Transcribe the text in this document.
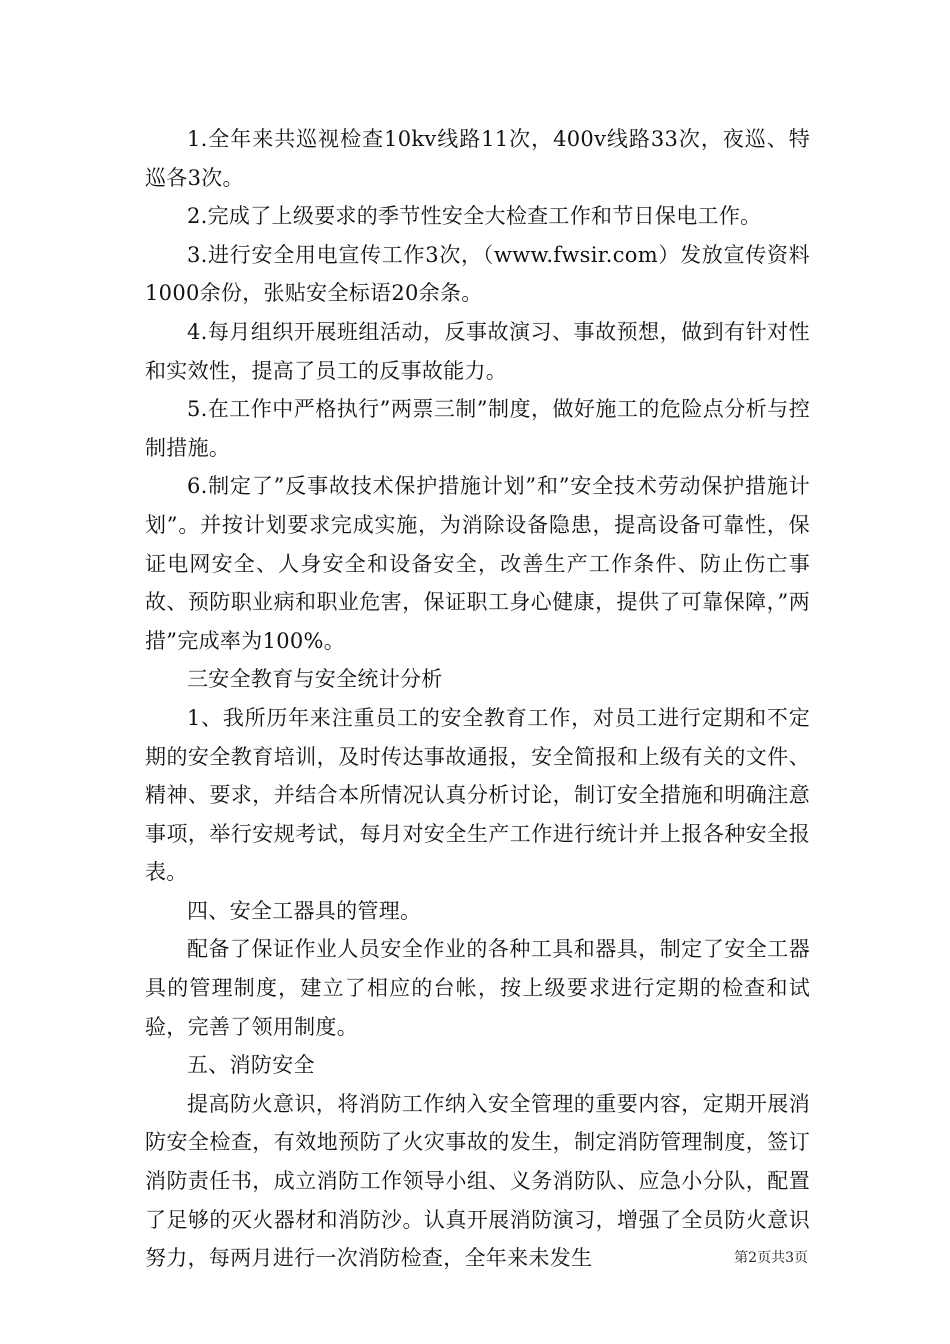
1.全年来共巡视检查10kv线路11次，400v线路33次，夜巡、特巡各3次。

2.完成了上级要求的季节性安全大检查工作和节日保电工作。

3.进行安全用电宣传工作3次，（www.fwsir.com）发放宣传资料1000余份，张贴安全标语20余条。

4.每月组织开展班组活动，反事故演习、事故预想，做到有针对性和实效性，提高了员工的反事故能力。

5.在工作中严格执行”两票三制”制度，做好施工的危险点分析与控制措施。

6.制定了”反事故技术保护措施计划”和”安全技术劳动保护措施计划”。并按计划要求完成实施，为消除设备隐患，提高设备可靠性，保证电网安全、人身安全和设备安全，改善生产工作条件、防止伤亡事故、预防职业病和职业危害，保证职工身心健康，提供了可靠保障，”两措”完成率为100%。

三安全教育与安全统计分析

1、我所历年来注重员工的安全教育工作，对员工进行定期和不定期的安全教育培训，及时传达事故通报，安全简报和上级有关的文件、精神、要求，并结合本所情况认真分析讨论，制订安全措施和明确注意事项，举行安规考试，每月对安全生产工作进行统计并上报各种安全报表。

四、安全工器具的管理。

配备了保证作业人员安全作业的各种工具和器具，制定了安全工器具的管理制度，建立了相应的台帐，按上级要求进行定期的检查和试验，完善了领用制度。

五、消防安全

提高防火意识，将消防工作纳入安全管理的重要内容，定期开展消防安全检查，有效地预防了火灾事故的发生，制定消防管理制度，签订消防责任书，成立消防工作领导小组、义务消防队、应急小分队，配置了足够的灭火器材和消防沙。认真开展消防演习，增强了全员防火意识努力，每两月进行一次消防检查，全年来未发生	第2页共3页
